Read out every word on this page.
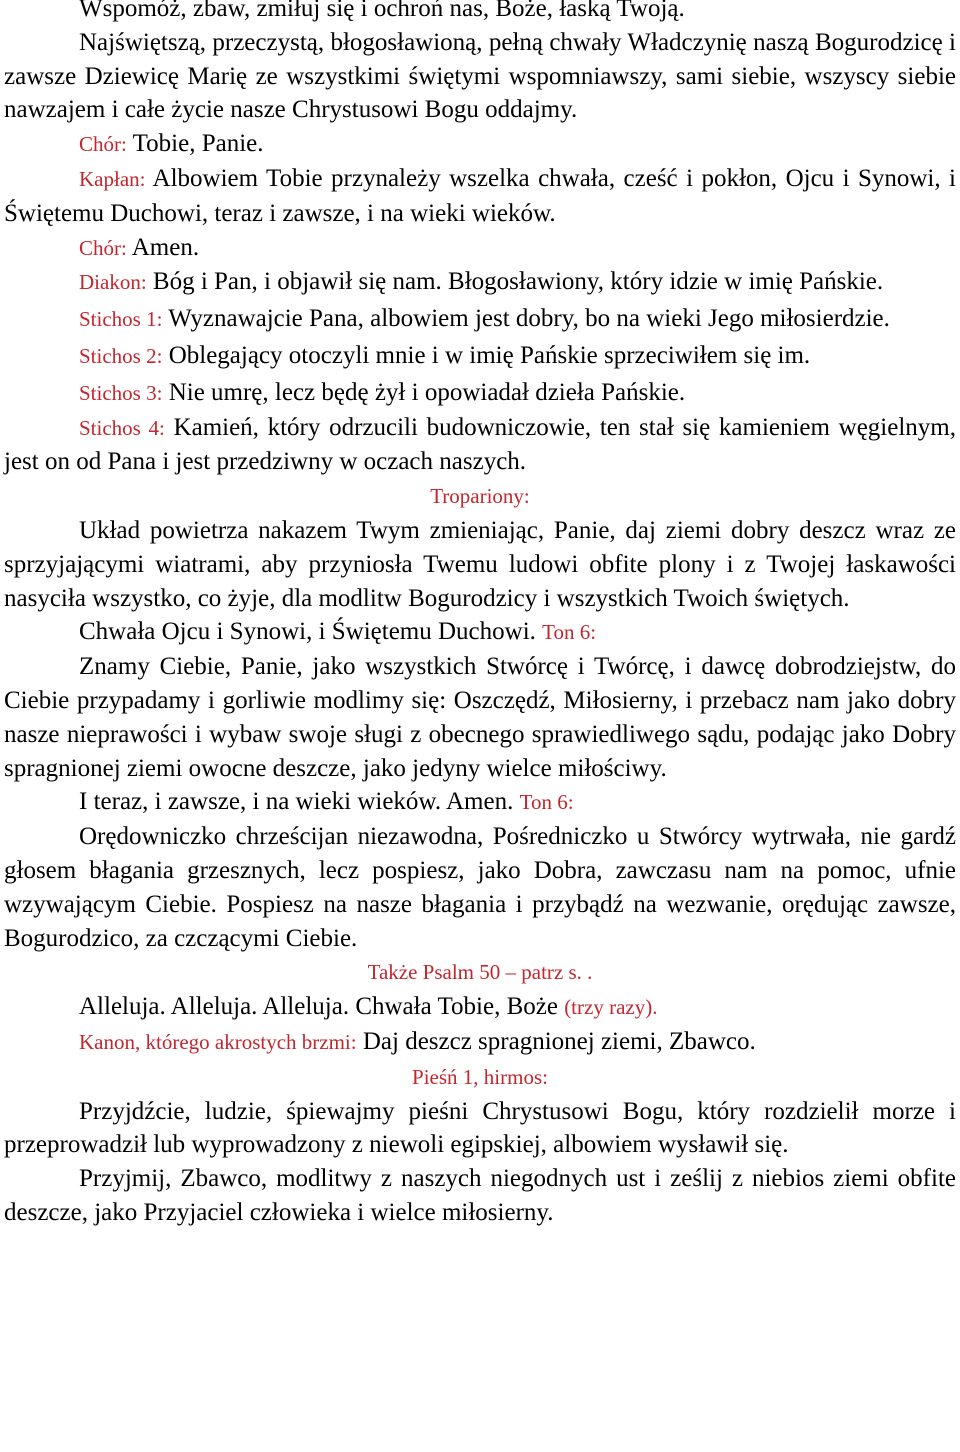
Wspomóż, zbaw, zmiłuj się i ochroń nas, Boże, łaską Twoją.

Najświętszą, przeczystą, błogosławioną, pełną chwały Władczynię naszą Bogurodzicę i zawsze Dziewicę Marię ze wszystkimi świętymi wspomniawszy, sami siebie, wszyscy siebie nawzajem i całe życie nasze Chrystusowi Bogu oddajmy.

Chór: Tobie, Panie.

Kapłan: Albowiem Tobie przynależy wszelka chwała, cześć i pokłon, Ojcu i Synowi, i Świętemu Duchowi, teraz i zawsze, i na wieki wieków.

Chór: Amen.

Diakon: Bóg i Pan, i objawił się nam. Błogosławiony, który idzie w imię Pańskie.

Stichos 1: Wyznawajcie Pana, albowiem jest dobry, bo na wieki Jego miłosierdzie.

Stichos 2: Oblegający otoczyli mnie i w imię Pańskie sprzeciwiłem się im.

Stichos 3: Nie umrę, lecz będę żył i opowiadał dzieła Pańskie.

Stichos 4: Kamień, który odrzucili budowniczowie, ten stał się kamieniem węgielnym, jest on od Pana i jest przedziwny w oczach naszych.

Tropariony:

Układ powietrza nakazem Twym zmieniając, Panie, daj ziemi dobry deszcz wraz ze sprzyjającymi wiatrami, aby przyniosła Twemu ludowi obfite plony i z Twojej łaskawości nasyciła wszystko, co żyje, dla modlitw Bogurodzicy i wszystkich Twoich świętych.

Chwała Ojcu i Synowi, i Świętemu Duchowi. Ton 6:

Znamy Ciebie, Panie, jako wszystkich Stwórcę i Twórcę, i dawcę dobrodziejstw, do Ciebie przypadamy i gorliwie modlimy się: Oszczędź, Miłosierny, i przebacz nam jako dobry nasze nieprawości i wybaw swoje sługi z obecnego sprawiedliwego sądu, podając jako Dobry spragnionej ziemi owocne deszcze, jako jedyny wielce miłościwy.

I teraz, i zawsze, i na wieki wieków. Amen. Ton 6:

Orędowniczko chrześcijan niezawodna, Pośredniczko u Stwórcy wytrwała, nie gardź głosem błagania grzesznych, lecz pospiesz, jako Dobra, zawczasu nam na pomoc, ufnie wzywającym Ciebie. Pospiesz na nasze błagania i przybądź na wezwanie, orędując zawsze, Bogurodzico, za czczącymi Ciebie.

Także Psalm 50 – patrz s. .

Alleluja. Alleluja. Alleluja. Chwała Tobie, Boże (trzy razy).

Kanon, którego akrostych brzmi: Daj deszcz spragnionej ziemi, Zbawco.

Pieśń 1, hirmos:

Przyjdźcie, ludzie, śpiewajmy pieśni Chrystusowi Bogu, który rozdzielił morze i przeprowadził lub wyprowadzony z niewoli egipskiej, albowiem wysławił się.

Przyjmij, Zbawco, modlitwy z naszych niegodnych ust i ześlij z niebios ziemi obfite deszcze, jako Przyjaciel człowieka i wielce miłosierny.
